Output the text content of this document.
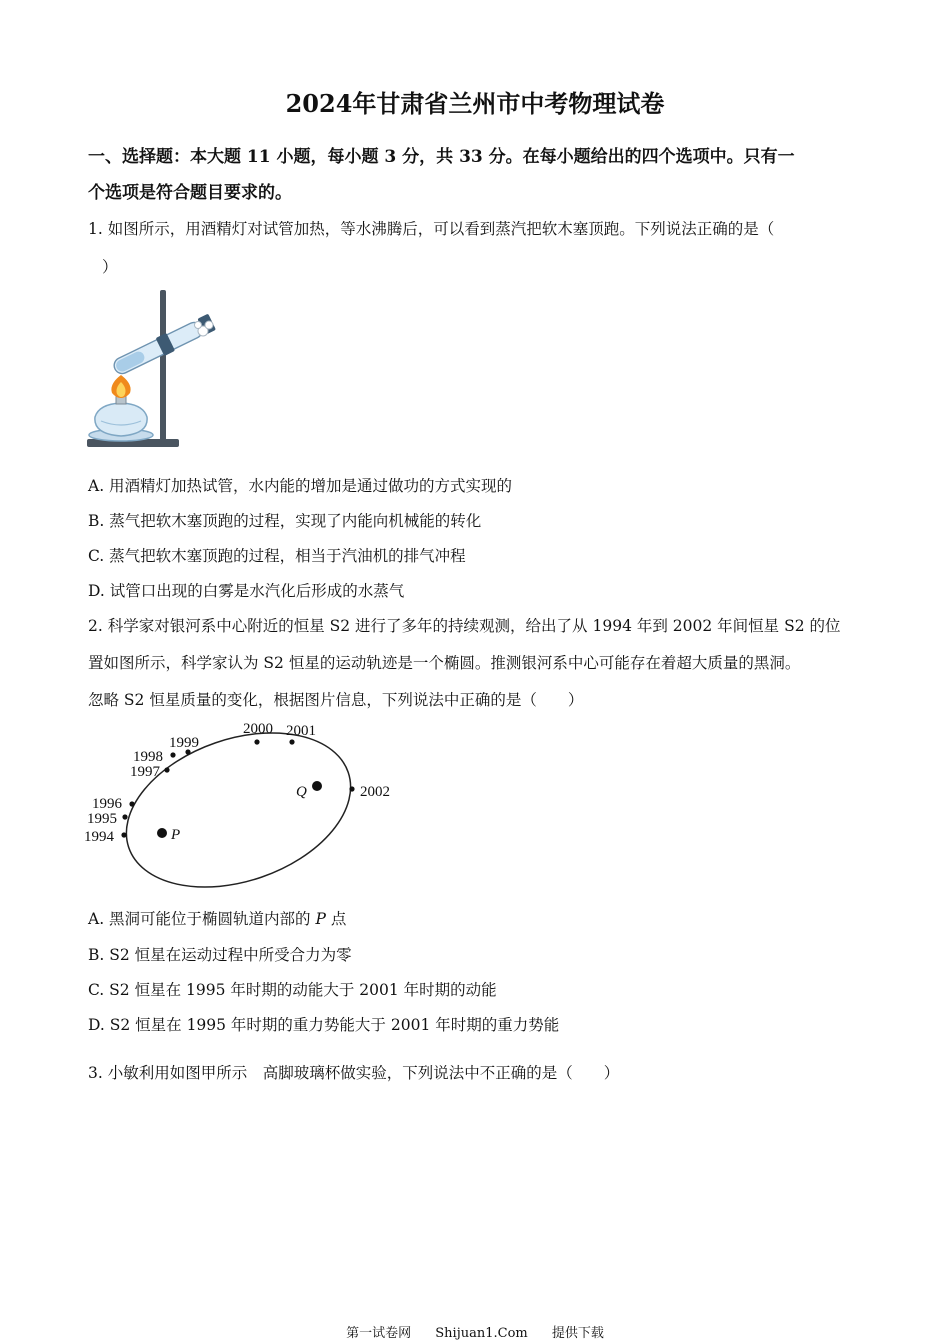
2024年甘肃省兰州市中考物理试卷
一、选择题：本大题 11 小题，每小题 3 分，共 33 分。在每小题给出的四个选项中。只有一
个选项是符合题目要求的。
1. 如图所示，用酒精灯对试管加热，等水沸腾后，可以看到蒸汽把软木塞顶跑。下列说法正确的是（
）
A. 用酒精灯加热试管，水内能的增加是通过做功的方式实现的
B. 蒸气把软木塞顶跑的过程，实现了内能向机械能的转化
C. 蒸气把软木塞顶跑的过程，相当于汽油机的排气冲程
D. 试管口出现的白雾是水汽化后形成的水蒸气
2. 科学家对银河系中心附近的恒星 S2 进行了多年的持续观测，给出了从 1994 年到 2002 年间恒星 S2 的位
置如图所示，科学家认为 S2 恒星的运动轨迹是一个椭圆。推测银河系中心可能存在着超大质量的黑洞。
忽略 S2 恒星质量的变化，根据图片信息，下列说法中正确的是（　　）
1994
1995
1996
1997
1998
1999
2000 2001
2002
P
Q
A. 黑洞可能位于椭圆轨道内部的 P 点
B. S2 恒星在运动过程中所受合力为零
C. S2 恒星在 1995 年时期的动能大于 2001 年时期的动能
D. S2 恒星在 1995 年时期的重力势能大于 2001 年时期的重力势能
3. 小敏利用如图甲所示　高脚玻璃杯做实验，下列说法中不正确的是（　　）
第一试卷网 Shijuan1.Com 提供下载
